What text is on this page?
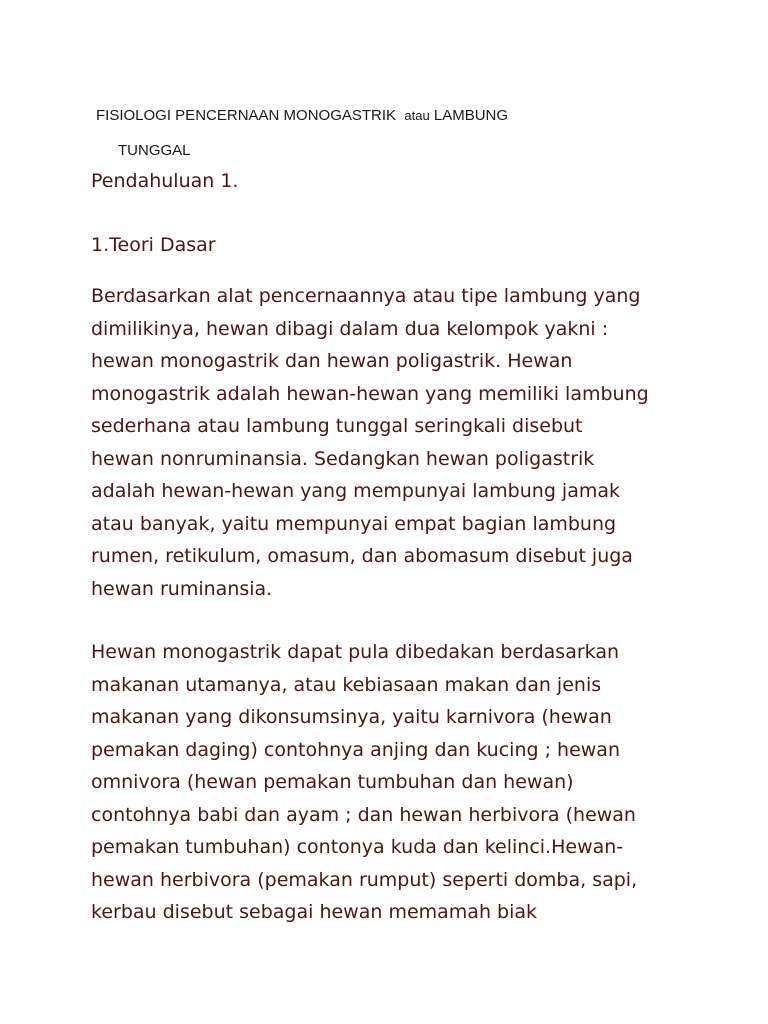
FISIOLOGI PENCERNAAN MONOGASTRIK atau LAMBUNG
TUNGGAL
Pendahuluan 1.
1.Teori Dasar
Berdasarkan alat pencernaannya atau tipe lambung yang
dimilikinya, hewan dibagi dalam dua kelompok yakni :
hewan monogastrik dan hewan poligastrik. Hewan
monogastrik adalah hewan-hewan yang memiliki lambung
sederhana atau lambung tunggal seringkali disebut
hewan nonruminansia. Sedangkan hewan poligastrik
adalah hewan-hewan yang mempunyai lambung jamak
atau banyak, yaitu mempunyai empat bagian lambung
rumen, retikulum, omasum, dan abomasum disebut juga
hewan ruminansia.
Hewan monogastrik dapat pula dibedakan berdasarkan
makanan utamanya, atau kebiasaan makan dan jenis
makanan yang dikonsumsinya, yaitu karnivora (hewan
pemakan daging) contohnya anjing dan kucing ; hewan
omnivora (hewan pemakan tumbuhan dan hewan)
contohnya babi dan ayam ; dan hewan herbivora (hewan
pemakan tumbuhan) contonya kuda dan kelinci.Hewan-
hewan herbivora (pemakan rumput) seperti domba, sapi,
kerbau disebut sebagai hewan memamah biak
